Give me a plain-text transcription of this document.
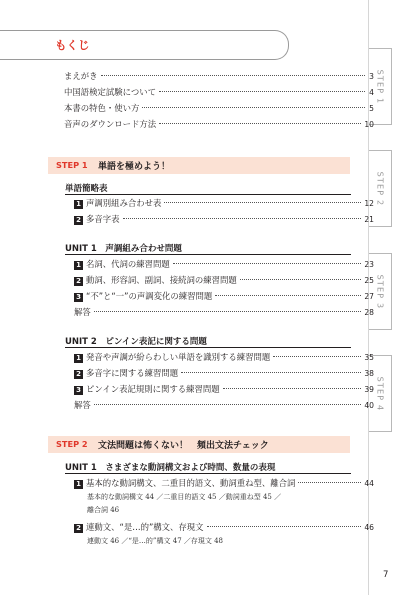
もくじ
STEP 1
STEP 2
STEP 3
STEP 4
まえがき	3
中国語検定試験について	4
本書の特色・使い方	5
音声のダウンロード方法	10
STEP 1 単語を極めよう！
単語簡略表
1 声調別組み合わせ表	12
2 多音字表	21
UNIT 1　声調組み合わせ問題
1 名詞、代詞の練習問題	23
2 動詞、形容詞、副詞、接続詞の練習問題	25
3 “不”と“一”の声調変化の練習問題	27
解答	28
UNIT 2　ピンイン表記に関する問題
1 発音や声調が紛らわしい単語を識別する練習問題	35
2 多音字に関する練習問題	38
3 ピンイン表記規則に関する練習問題	39
解答	40
STEP 2 文法問題は怖くない！　頻出文法チェック
UNIT 1　さまざまな動詞構文および時間、数量の表現
1 基本的な動詞構文、二重目的語文、動詞重ね型、離合詞	44
基本的な動詞構文 44 ／二重目的語文 45 ／動詞重ね型 45 ／
離合詞 46
2 連動文、“是…的”構文、存現文	46
連動文 46 ／“是…的”構文 47 ／存現文 48
7
